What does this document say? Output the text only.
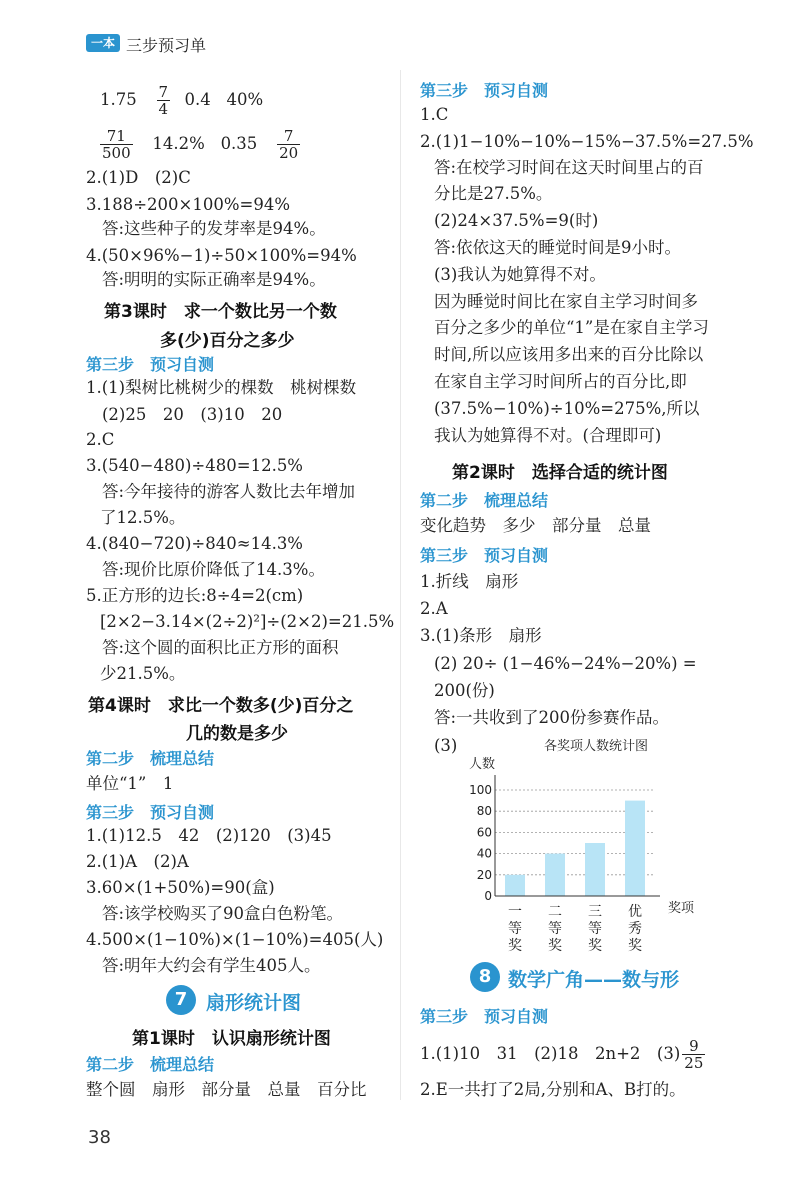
一本 三步预习单
$1.75 \frac{7}{4} 0.4$ 40%
$\frac{71}{500} 14.2\%$ $0.35 \frac{7}{20}$
2.(1)D　(2)C
3.188÷200×100%=94%
答:这些种子的发芽率是94%。
4.(50×96%−1)÷50×100%=94%
答:明明的实际正确率是94%。
第3课时　求一个数比另一个数
多(少)百分之多少
第三步　预习自测
1.(1)梨树比桃树少的棵数　桃树棵数
(2)25　20　(3)10　20
2.C
3.(540−480)÷480=12.5%
答:今年接待的游客人数比去年增加
了12.5%。
4.(840−720)÷840≈14.3%
答:现价比原价降低了14.3%。
5.正方形的边长:8÷4=2(cm)
[2×2−3.14×(2÷2)²]÷(2×2)=21.5%
答:这个圆的面积比正方形的面积
少21.5%。
第4课时　求比一个数多(少)百分之
几的数是多少
第二步　梳理总结
单位“1”　1
第三步　预习自测
1.(1)12.5　42　(2)120　(3)45
2.(1)A　(2)A
3.60×(1+50%)=90(盒)
答:该学校购买了90盒白色粉笔。
4.500×(1−10%)×(1−10%)=405(人)
答:明年大约会有学生405人。
7 扇形统计图
第1课时　认识扇形统计图
第二步　梳理总结
整个圆　扇形　部分量　总量　百分比
第三步　预习自测
1.C
2.(1)1−10%−10%−15%−37.5%=27.5%
答:在校学习时间在这天时间里占的百
分比是27.5%。
(2)24×37.5%=9(时)
答:依依这天的睡觉时间是9小时。
(3)我认为她算得不对。
因为睡觉时间比在家自主学习时间多
百分之多少的单位“1”是在家自主学习
时间,所以应该用多出来的百分比除以
在家自主学习时间所占的百分比,即
(37.5%−10%)÷10%=275%,所以
我认为她算得不对。(合理即可)
第2课时　选择合适的统计图
第二步　梳理总结
变化趋势　多少　部分量　总量
第三步　预习自测
1.折线　扇形
2.A
3.(1)条形　扇形
(2) 20÷ (1−46%−24%−20%) =
200(份)
答:一共收到了200份参赛作品。
(3)	各奖项人数统计图
人数
奖项
0
20
40
60
80
100
一
等
奖
二
等
奖
三
等
奖
优
秀
奖
8 数学广角——数与形
第三步　预习自测
1.(1)10　31　(2)18　2n+2　$(3) \frac{9}{25}$
2.E一共打了2局,分别和A、B打的。
38
